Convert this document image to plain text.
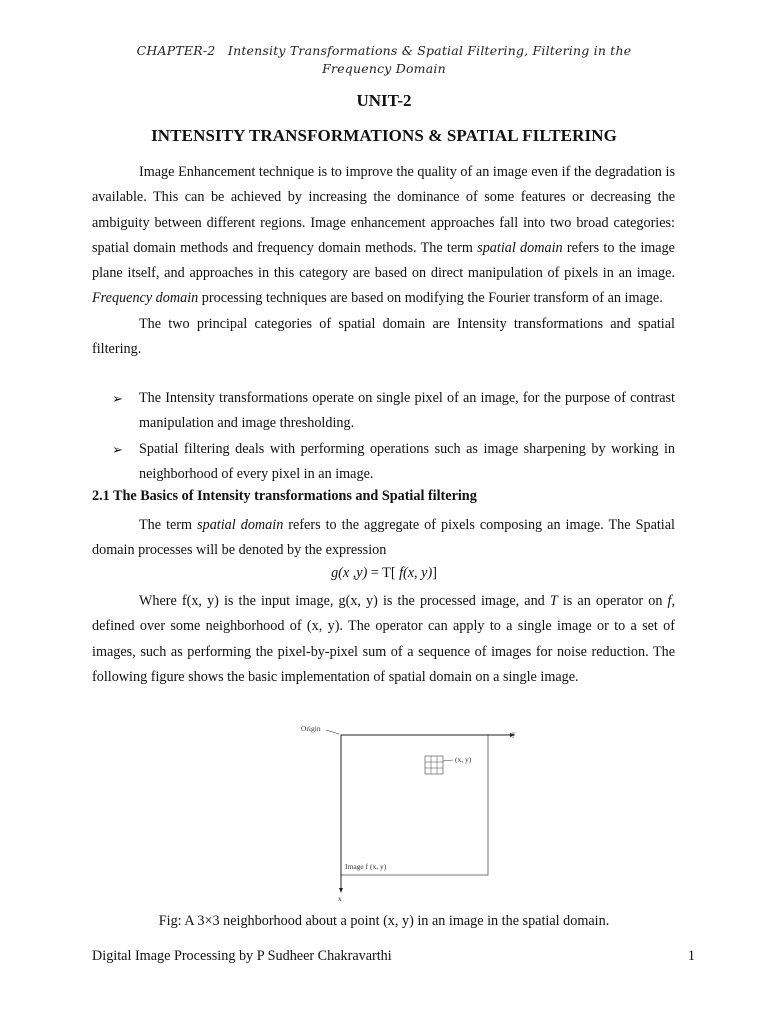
CHAPTER-2   Intensity Transformations & Spatial Filtering, Filtering in the
Frequency Domain
UNIT-2
INTENSITY TRANSFORMATIONS & SPATIAL FILTERING

Image Enhancement technique is to improve the quality of an image even if the degradation is available. This can be achieved by increasing the dominance of some features or decreasing the ambiguity between different regions. Image enhancement approaches fall into two broad categories: spatial domain methods and frequency domain methods. The term spatial domain refers to the image plane itself, and approaches in this category are based on direct manipulation of pixels in an image. Frequency domain processing techniques are based on modifying the Fourier transform of an image.

The two principal categories of spatial domain are Intensity transformations and spatial filtering.

➢ The Intensity transformations operate on single pixel of an image, for the purpose of contrast manipulation and image thresholding.
➢ Spatial filtering deals with performing operations such as image sharpening by working in neighborhood of every pixel in an image.
2.1 The Basics of Intensity transformations and Spatial filtering

The term spatial domain refers to the aggregate of pixels composing an image. The Spatial domain processes will be denoted by the expression

g(x ,y) = T[ f(x, y)]

Where f(x, y) is the input image, g(x, y) is the processed image, and T is an operator on f, defined over some neighborhood of (x, y). The operator can apply to a single image or to a set of images, such as performing the pixel-by-pixel sum of a sequence of images for noise reduction. The following figure shows the basic implementation of spatial domain on a single image.

Origin
y
x
(x, y)
Image f (x, y)
Fig: A 3×3 neighborhood about a point (x, y) in an image in the spatial domain.
Digital Image Processing by P Sudheer Chakravarthi	1
